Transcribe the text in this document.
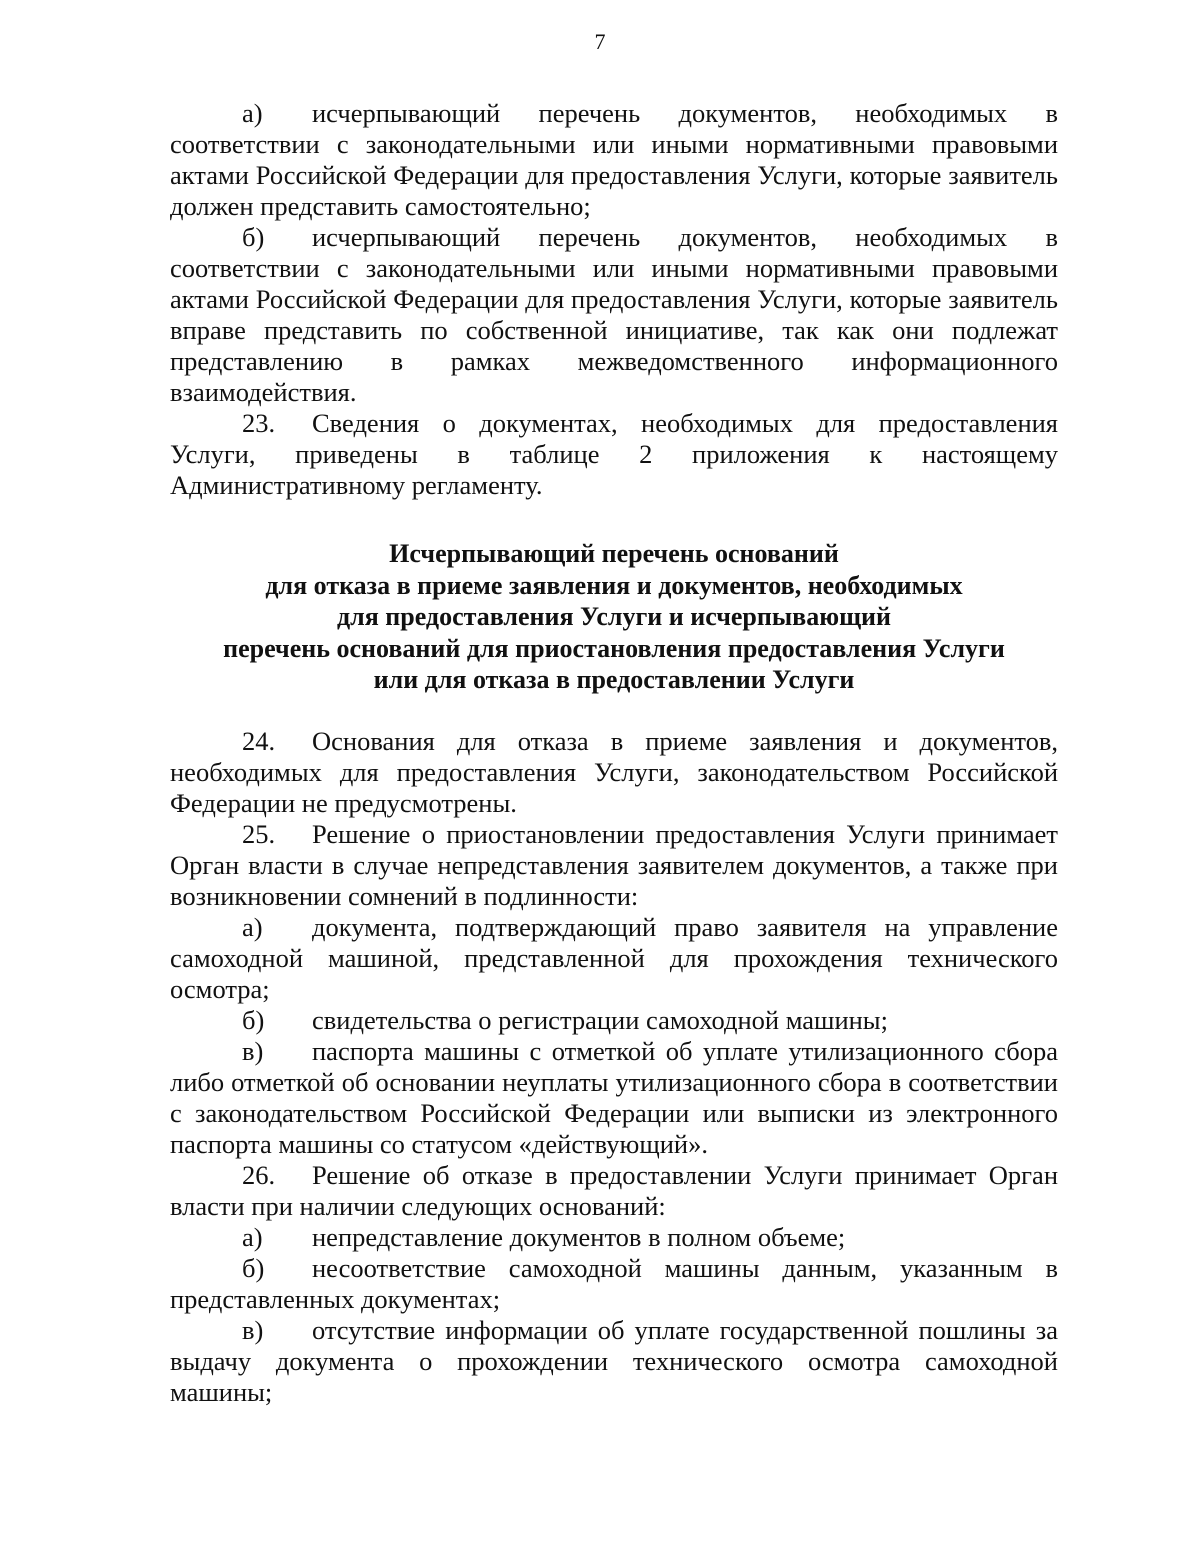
7

а) исчерпывающий перечень документов, необходимых в соответствии с законодательными или иными нормативными правовыми актами Российской Федерации для предоставления Услуги, которые заявитель должен представить самостоятельно;

б) исчерпывающий перечень документов, необходимых в соответствии с законодательными или иными нормативными правовыми актами Российской Федерации для предоставления Услуги, которые заявитель вправе представить по собственной инициативе, так как они подлежат представлению в рамках межведомственного информационного взаимодействия.

23. Сведения о документах, необходимых для предоставления Услуги, приведены в таблице 2 приложения к настоящему Административному регламенту.

Исчерпывающий перечень оснований
для отказа в приеме заявления и документов, необходимых
для предоставления Услуги и исчерпывающий
перечень оснований для приостановления предоставления Услуги
или для отказа в предоставлении Услуги

24. Основания для отказа в приеме заявления и документов, необходимых для предоставления Услуги, законодательством Российской Федерации не предусмотрены.

25. Решение о приостановлении предоставления Услуги принимает Орган власти в случае непредставления заявителем документов, а также при возникновении сомнений в подлинности:

а) документа, подтверждающий право заявителя на управление самоходной машиной, представленной для прохождения технического осмотра;

б) свидетельства о регистрации самоходной машины;

в) паспорта машины с отметкой об уплате утилизационного сбора либо отметкой об основании неуплаты утилизационного сбора в соответствии с законодательством Российской Федерации или выписки из электронного паспорта машины со статусом «действующий».

26. Решение об отказе в предоставлении Услуги принимает Орган власти при наличии следующих оснований:

а) непредставление документов в полном объеме;

б) несоответствие самоходной машины данным, указанным в представленных документах;

в) отсутствие информации об уплате государственной пошлины за выдачу документа о прохождении технического осмотра самоходной машины;
